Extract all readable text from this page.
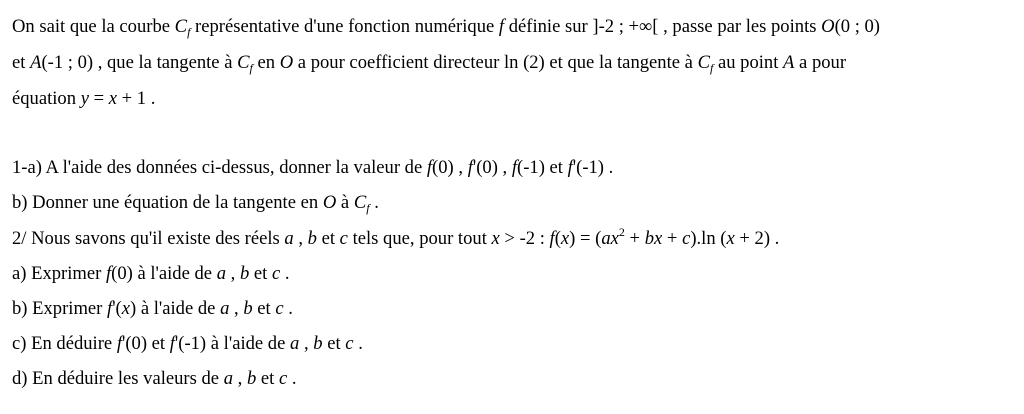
On sait que la courbe $C_f$ représentative d'une fonction numérique f définie sur ]-2 ; +∞[ , passe par les points O(0 ; 0)
et A(-1 ; 0) , que la tangente à $C_f$ en O a pour coefficient directeur ln (2) et que la tangente à $C_f$ au point A a pour
équation y = x + 1 .
1-a) A l'aide des données ci-dessus, donner la valeur de f(0) , f'(0) , f(-1) et f'(-1) .
b) Donner une équation de la tangente en O à $C_f$ .
2/ Nous savons qu'il existe des réels a , b et c tels que, pour tout x > -2 : $f(x) = (ax^2$ + bx + c).ln (x + 2) .
a) Exprimer f(0) à l'aide de a , b et c .
b) Exprimer f'(x) à l'aide de a , b et c .
c) En déduire f'(0) et f'(-1) à l'aide de a , b et c .
d) En déduire les valeurs de a , b et c .
